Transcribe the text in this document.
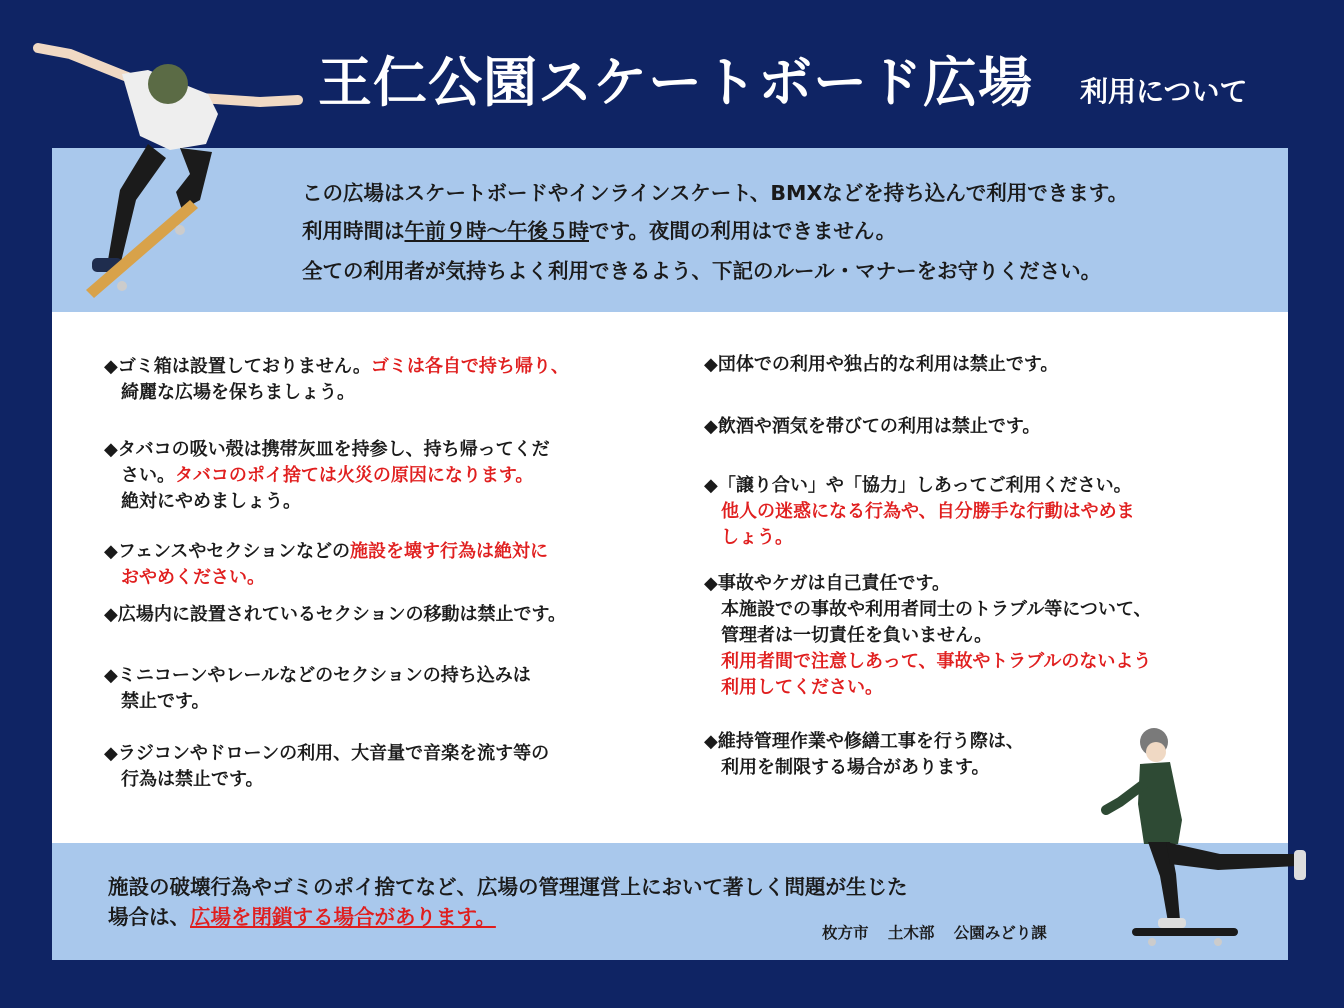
王仁公園スケートボード広場 利用について
この広場はスケートボードやインラインスケート、BMXなどを持ち込んで利用できます。
利用時間は午前９時～午後５時です。夜間の利用はできません。
全ての利用者が気持ちよく利用できるよう、下記のルール・マナーをお守りください。
◆ゴミ箱は設置しておりません。ゴミは各自で持ち帰り、
綺麗な広場を保ちましょう。
◆タバコの吸い殻は携帯灰皿を持参し、持ち帰ってくだ
さい。タバコのポイ捨ては火災の原因になります。
絶対にやめましょう。
◆フェンスやセクションなどの施設を壊す行為は絶対に
おやめください。
◆広場内に設置されているセクションの移動は禁止です。
◆ミニコーンやレールなどのセクションの持ち込みは
禁止です。
◆ラジコンやドローンの利用、大音量で音楽を流す等の
行為は禁止です。
◆団体での利用や独占的な利用は禁止です。
◆飲酒や酒気を帯びての利用は禁止です。
◆「譲り合い」や「協力」しあってご利用ください。
他人の迷惑になる行為や、自分勝手な行動はやめま
しょう。
◆事故やケガは自己責任です。
本施設での事故や利用者同士のトラブル等について、
管理者は一切責任を負いません。
利用者間で注意しあって、事故やトラブルのないよう
利用してください。
◆維持管理作業や修繕工事を行う際は、
利用を制限する場合があります。
施設の破壊行為やゴミのポイ捨てなど、広場の管理運営上において著しく問題が生じた
場合は、広場を閉鎖する場合があります。
枚方市 土木部 公園みどり課
